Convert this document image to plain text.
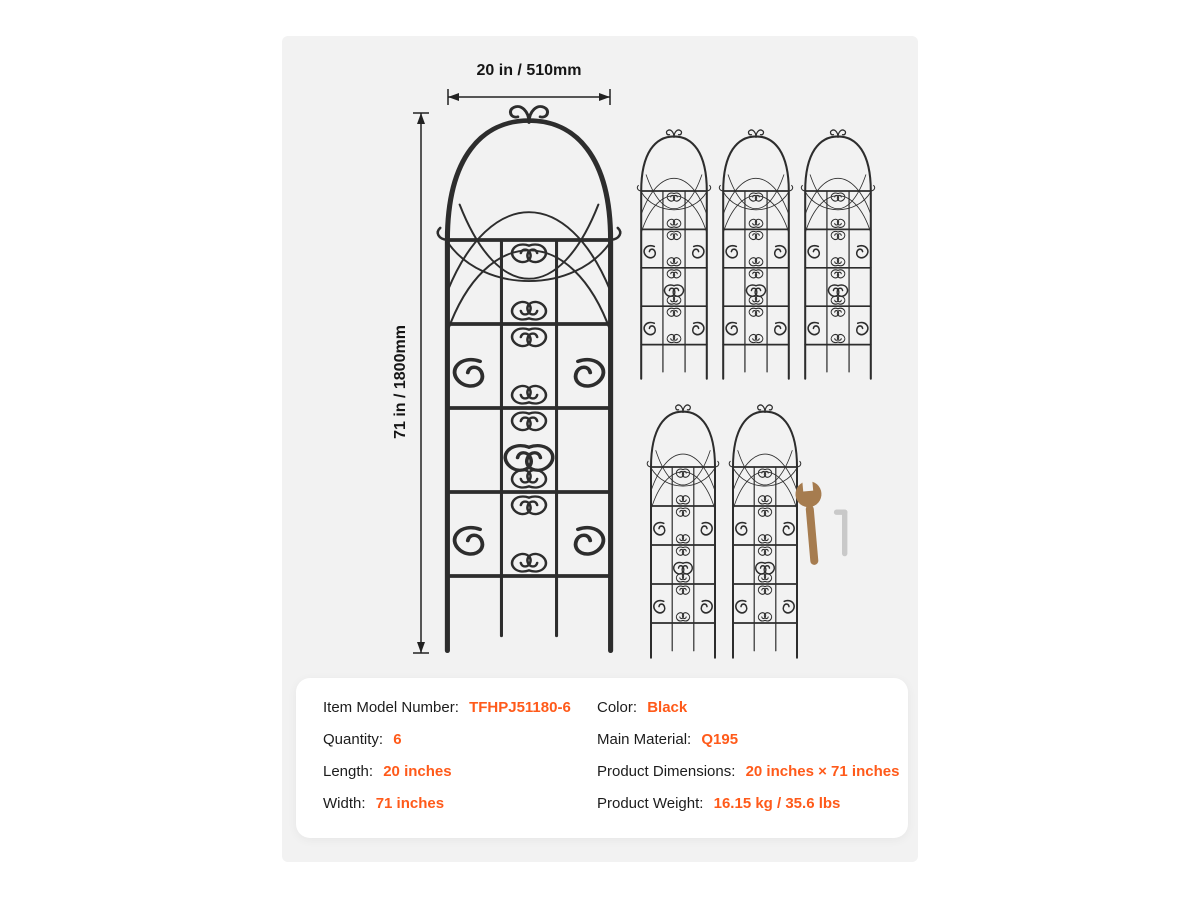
20 in / 510mm
71 in / 1800mm
Item Model Number: TFHPJ51180-6
Quantity: 6
Length: 20 inches
Width: 71 inches
Color: Black
Main Material: Q195
Product Dimensions: 20 inches × 71 inches
Product Weight: 16.15 kg / 35.6 lbs
